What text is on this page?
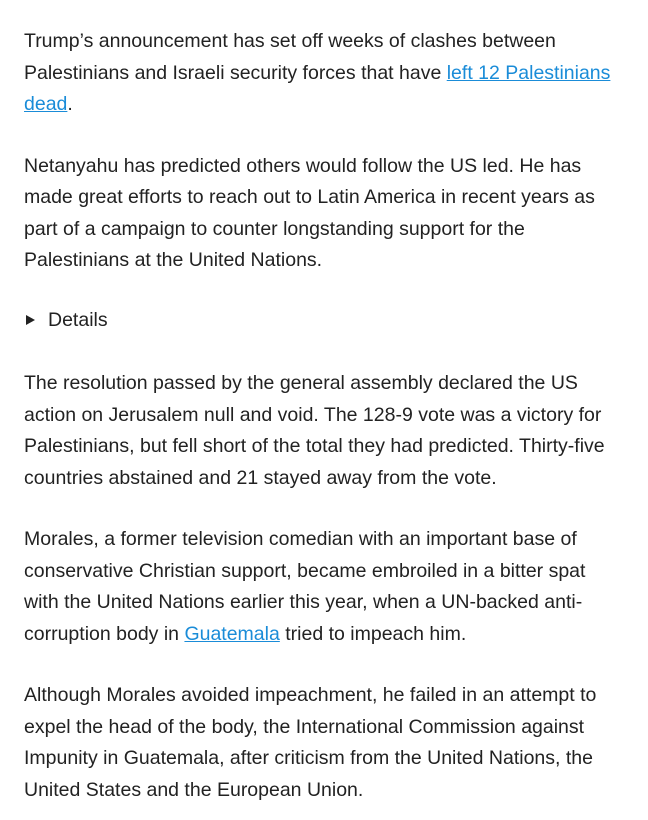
Trump’s announcement has set off weeks of clashes between Palestinians and Israeli security forces that have left 12 Palestinians dead.

Netanyahu has predicted others would follow the US led. He has made great efforts to reach out to Latin America in recent years as part of a campaign to counter longstanding support for the Palestinians at the United Nations.

Details

The resolution passed by the general assembly declared the US action on Jerusalem null and void. The 128-9 vote was a victory for Palestinians, but fell short of the total they had predicted. Thirty-five countries abstained and 21 stayed away from the vote.

Morales, a former television comedian with an important base of conservative Christian support, became embroiled in a bitter spat with the United Nations earlier this year, when a UN-backed anti-corruption body in Guatemala tried to impeach him.

Although Morales avoided impeachment, he failed in an attempt to expel the head of the body, the International Commission against Impunity in Guatemala, after criticism from the United Nations, the United States and the European Union.
